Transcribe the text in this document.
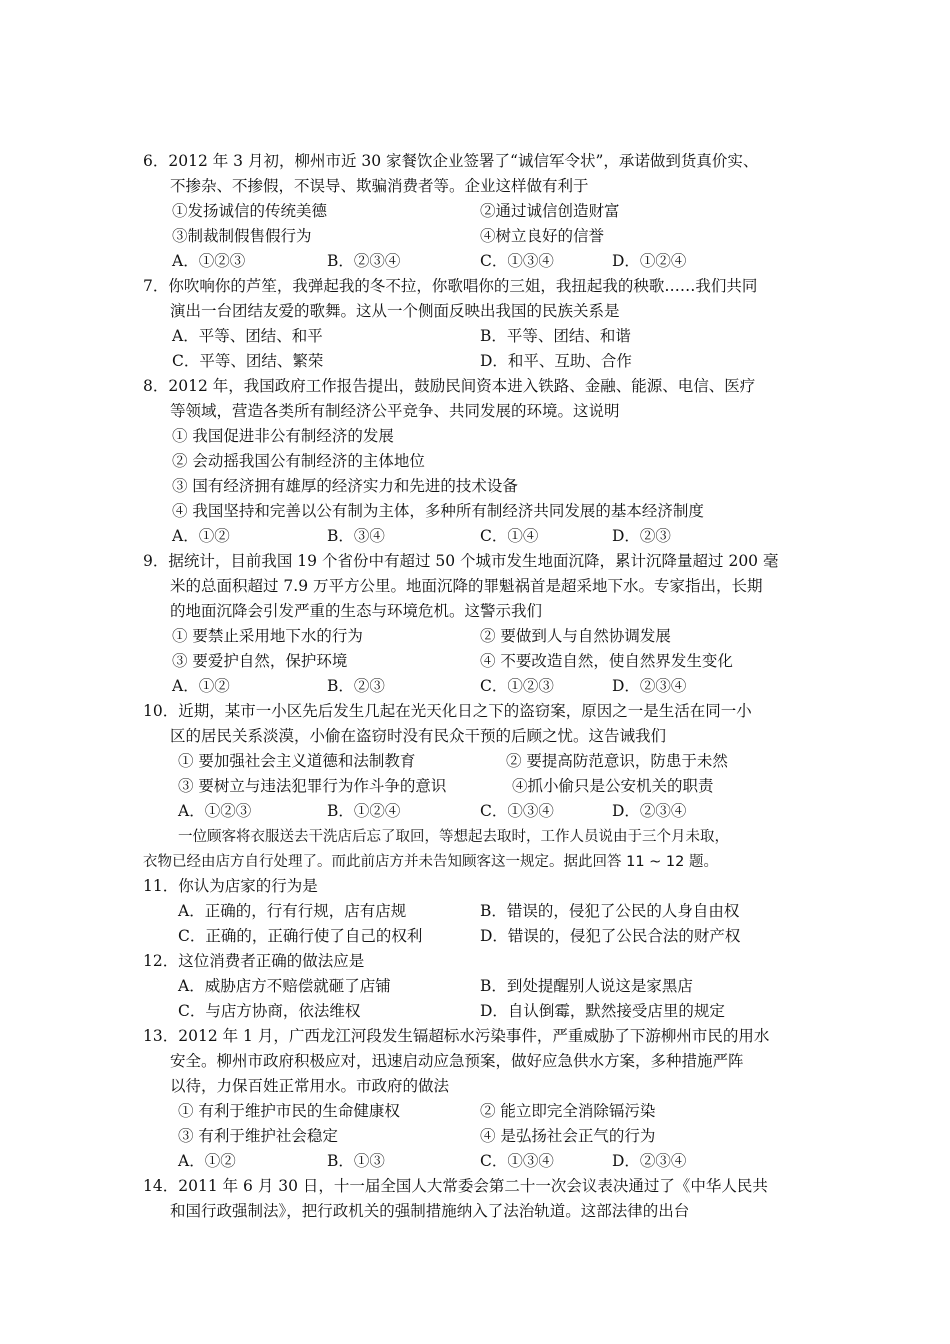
6．2012 年 3 月初，柳州市近 30 家餐饮企业签署了“诚信军令状”，承诺做到货真价实、
不掺杂、不掺假，不误导、欺骗消费者等。企业这样做有利于
①发扬诚信的传统美德	②通过诚信创造财富
③制裁制假售假行为	④树立良好的信誉
A．①②③	B．②③④	C．①③④	D．①②④
7．你吹响你的芦笙，我弹起我的冬不拉，你歌唱你的三姐，我扭起我的秧歌……我们共同
演出一台团结友爱的歌舞。这从一个侧面反映出我国的民族关系是
A．平等、团结、和平	B．平等、团结、和谐
C．平等、团结、繁荣	D．和平、互助、合作
8．2012 年，我国政府工作报告提出，鼓励民间资本进入铁路、金融、能源、电信、医疗
等领域，营造各类所有制经济公平竞争、共同发展的环境。这说明
① 我国促进非公有制经济的发展
② 会动摇我国公有制经济的主体地位
③ 国有经济拥有雄厚的经济实力和先进的技术设备
④ 我国坚持和完善以公有制为主体，多种所有制经济共同发展的基本经济制度
A．①②	B．③④	C．①④	D．②③
9．据统计，目前我国 19 个省份中有超过 50 个城市发生地面沉降，累计沉降量超过 200 毫
米的总面积超过 7.9 万平方公里。地面沉降的罪魁祸首是超采地下水。专家指出，长期
的地面沉降会引发严重的生态与环境危机。这警示我们
① 要禁止采用地下水的行为	② 要做到人与自然协调发展
③ 要爱护自然，保护环境	④ 不要改造自然，使自然界发生变化
A．①②	B．②③	C．①②③	D．②③④
10．近期，某市一小区先后发生几起在光天化日之下的盗窃案，原因之一是生活在同一小
区的居民关系淡漠，小偷在盗窃时没有民众干预的后顾之忧。这告诫我们
① 要加强社会主义道德和法制教育	② 要提高防范意识，防患于未然
③ 要树立与违法犯罪行为作斗争的意识	④抓小偷只是公安机关的职责
A．①②③	B．①②④	C．①③④	D．②③④
一位顾客将衣服送去干洗店后忘了取回，等想起去取时，工作人员说由于三个月未取，
衣物已经由店方自行处理了。而此前店方并未告知顾客这一规定。据此回答 11 ~ 12 题。
11．你认为店家的行为是
A．正确的，行有行规，店有店规	B．错误的，侵犯了公民的人身自由权
C．正确的，正确行使了自己的权利	D．错误的，侵犯了公民合法的财产权
12．这位消费者正确的做法应是
A．威胁店方不赔偿就砸了店铺	B．到处提醒别人说这是家黑店
C．与店方协商，依法维权	D．自认倒霉，默然接受店里的规定
13．2012 年 1 月，广西龙江河段发生镉超标水污染事件，严重威胁了下游柳州市民的用水
安全。柳州市政府积极应对，迅速启动应急预案，做好应急供水方案，多种措施严阵
以待，力保百姓正常用水。市政府的做法
① 有利于维护市民的生命健康权	② 能立即完全消除镉污染
③ 有利于维护社会稳定	④ 是弘扬社会正气的行为
A．①②	B．①③	C．①③④	D．②③④
14．2011 年 6 月 30 日，十一届全国人大常委会第二十一次会议表决通过了《中华人民共
和国行政强制法》，把行政机关的强制措施纳入了法治轨道。这部法律的出台
